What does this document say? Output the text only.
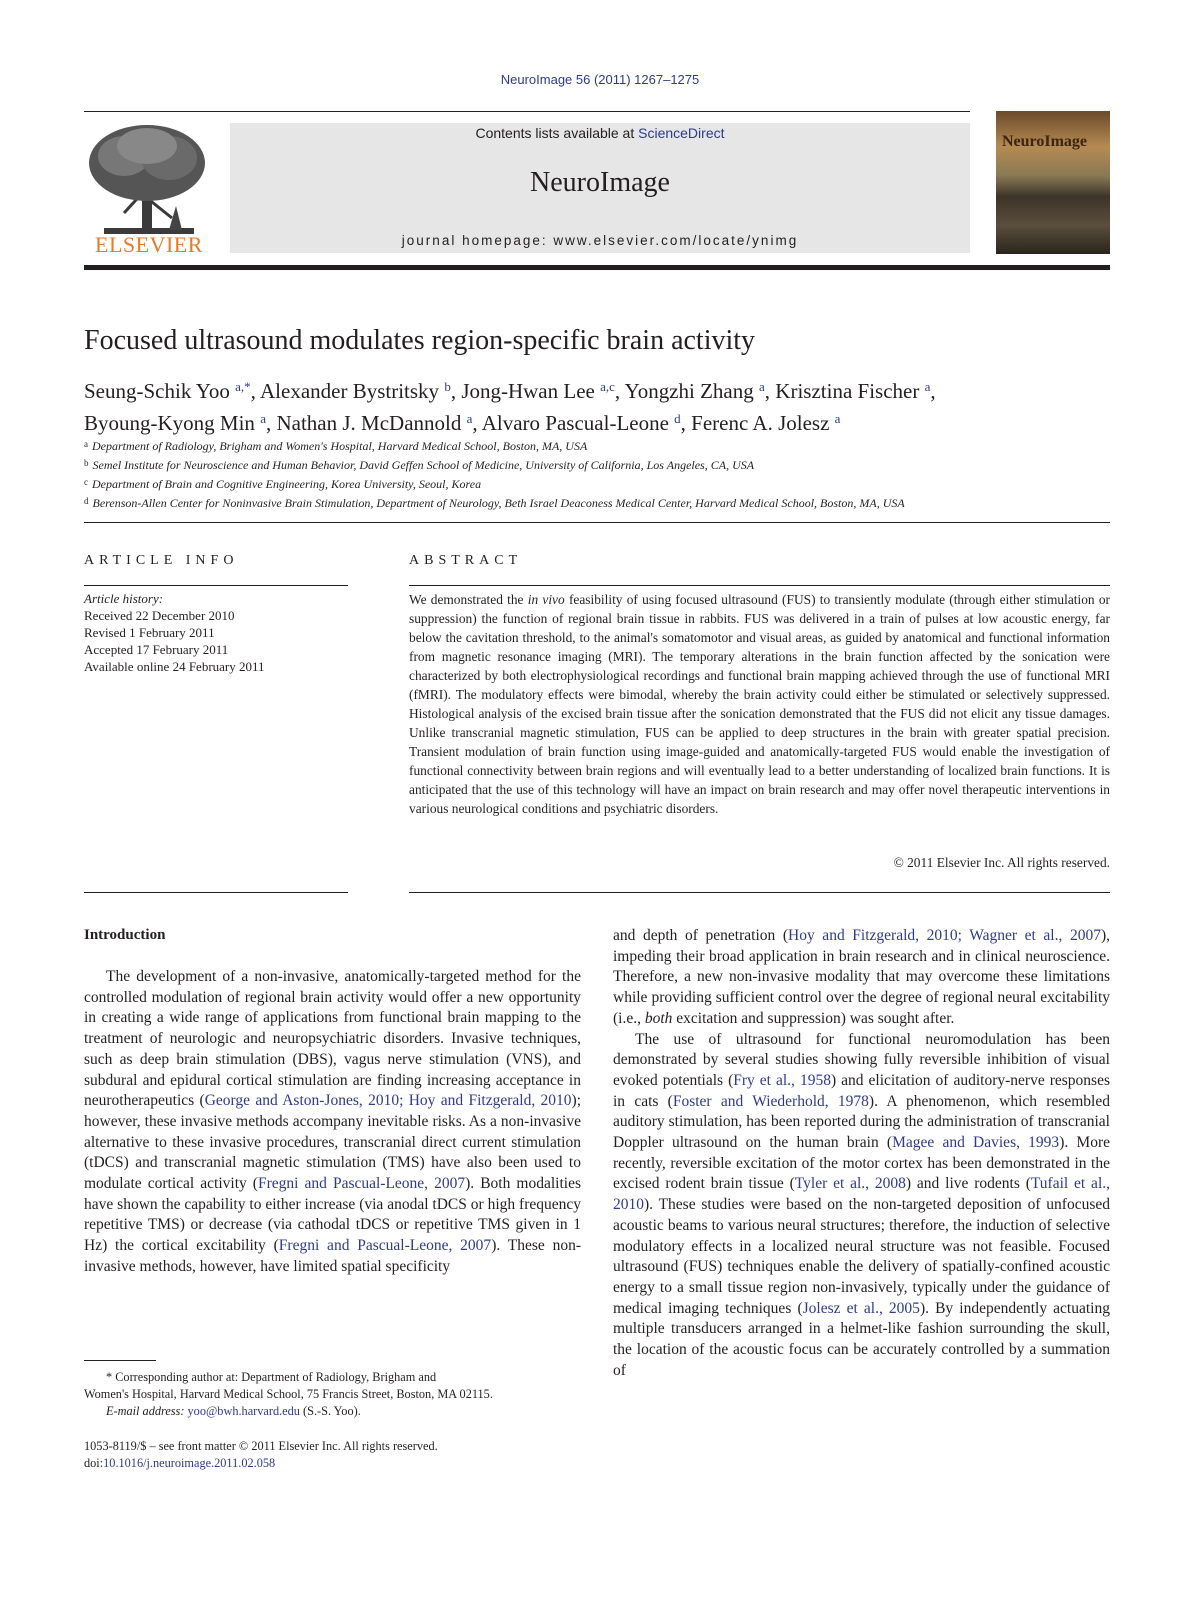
NeuroImage 56 (2011) 1267–1275
ELSEVIER
Contents lists available at ScienceDirect
NeuroImage
journal homepage: www.elsevier.com/locate/ynimg
NeuroImage
Focused ultrasound modulates region-specific brain activity
Seung-Schik Yoo $^{a,*}$, Alexander Bystritsky $^b$, Jong-Hwan Lee $^{a,c}$, Yongzhi Zhang $^a$, Krisztina Fischer $^a$,
Byoung-Kyong Min $^a$, Nathan J. McDannold $^a$, Alvaro Pascual-Leone $^d$, Ferenc A. Jolesz $^a$
$^a$ Department of Radiology, Brigham and Women's Hospital, Harvard Medical School, Boston, MA, USA
$^b$ Semel Institute for Neuroscience and Human Behavior, David Geffen School of Medicine, University of California, Los Angeles, CA, USA
$^c$ Department of Brain and Cognitive Engineering, Korea University, Seoul, Korea
$^d$ Berenson-Allen Center for Noninvasive Brain Stimulation, Department of Neurology, Beth Israel Deaconess Medical Center, Harvard Medical School, Boston, MA, USA
ARTICLE INFO	ABSTRACT
Article history:
Received 22 December 2010
Revised 1 February 2011
Accepted 17 February 2011
Available online 24 February 2011
We demonstrated the in vivo feasibility of using focused ultrasound (FUS) to transiently modulate (through either stimulation or suppression) the function of regional brain tissue in rabbits. FUS was delivered in a train of pulses at low acoustic energy, far below the cavitation threshold, to the animal's somatomotor and visual areas, as guided by anatomical and functional information from magnetic resonance imaging (MRI). The temporary alterations in the brain function affected by the sonication were characterized by both electrophysiological recordings and functional brain mapping achieved through the use of functional MRI (fMRI). The modulatory effects were bimodal, whereby the brain activity could either be stimulated or selectively suppressed. Histological analysis of the excised brain tissue after the sonication demonstrated that the FUS did not elicit any tissue damages. Unlike transcranial magnetic stimulation, FUS can be applied to deep structures in the brain with greater spatial precision. Transient modulation of brain function using image-guided and anatomically-targeted FUS would enable the investigation of functional connectivity between brain regions and will eventually lead to a better understanding of localized brain functions. It is anticipated that the use of this technology will have an impact on brain research and may offer novel therapeutic interventions in various neurological conditions and psychiatric disorders.
© 2011 Elsevier Inc. All rights reserved.
Introduction

The development of a non-invasive, anatomically-targeted method for the controlled modulation of regional brain activity would offer a new opportunity in creating a wide range of applications from functional brain mapping to the treatment of neurologic and neuropsychiatric disorders. Invasive techniques, such as deep brain stimulation (DBS), vagus nerve stimulation (VNS), and subdural and epidural cortical stimulation are finding increasing acceptance in neurotherapeutics (George and Aston-Jones, 2010; Hoy and Fitzgerald, 2010); however, these invasive methods accompany inevitable risks. As a non-invasive alternative to these invasive procedures, transcranial direct current stimulation (tDCS) and transcranial magnetic stimulation (TMS) have also been used to modulate cortical activity (Fregni and Pascual-Leone, 2007). Both modalities have shown the capability to either increase (via anodal tDCS or high frequency repetitive TMS) or decrease (via cathodal tDCS or repetitive TMS given in 1 Hz) the cortical excitability (Fregni and Pascual-Leone, 2007). These non-invasive methods, however, have limited spatial specificity

and depth of penetration (Hoy and Fitzgerald, 2010; Wagner et al., 2007), impeding their broad application in brain research and in clinical neuroscience. Therefore, a new non-invasive modality that may overcome these limitations while providing sufficient control over the degree of regional neural excitability (i.e., both excitation and suppression) was sought after.

The use of ultrasound for functional neuromodulation has been demonstrated by several studies showing fully reversible inhibition of visual evoked potentials (Fry et al., 1958) and elicitation of auditory-nerve responses in cats (Foster and Wiederhold, 1978). A phenomenon, which resembled auditory stimulation, has been reported during the administration of transcranial Doppler ultrasound on the human brain (Magee and Davies, 1993). More recently, reversible excitation of the motor cortex has been demonstrated in the excised rodent brain tissue (Tyler et al., 2008) and live rodents (Tufail et al., 2010). These studies were based on the non-targeted deposition of unfocused acoustic beams to various neural structures; therefore, the induction of selective modulatory effects in a localized neural structure was not feasible. Focused ultrasound (FUS) techniques enable the delivery of spatially-confined acoustic energy to a small tissue region non-invasively, typically under the guidance of medical imaging techniques (Jolesz et al., 2005). By independently actuating multiple transducers arranged in a helmet-like fashion surrounding the skull, the location of the acoustic focus can be accurately controlled by a summation of

* Corresponding author at: Department of Radiology, Brigham and
Women's Hospital, Harvard Medical School, 75 Francis Street, Boston, MA 02115.
E-mail address: yoo@bwh.harvard.edu (S.-S. Yoo).
1053-8119/$ – see front matter © 2011 Elsevier Inc. All rights reserved.
doi:10.1016/j.neuroimage.2011.02.058
